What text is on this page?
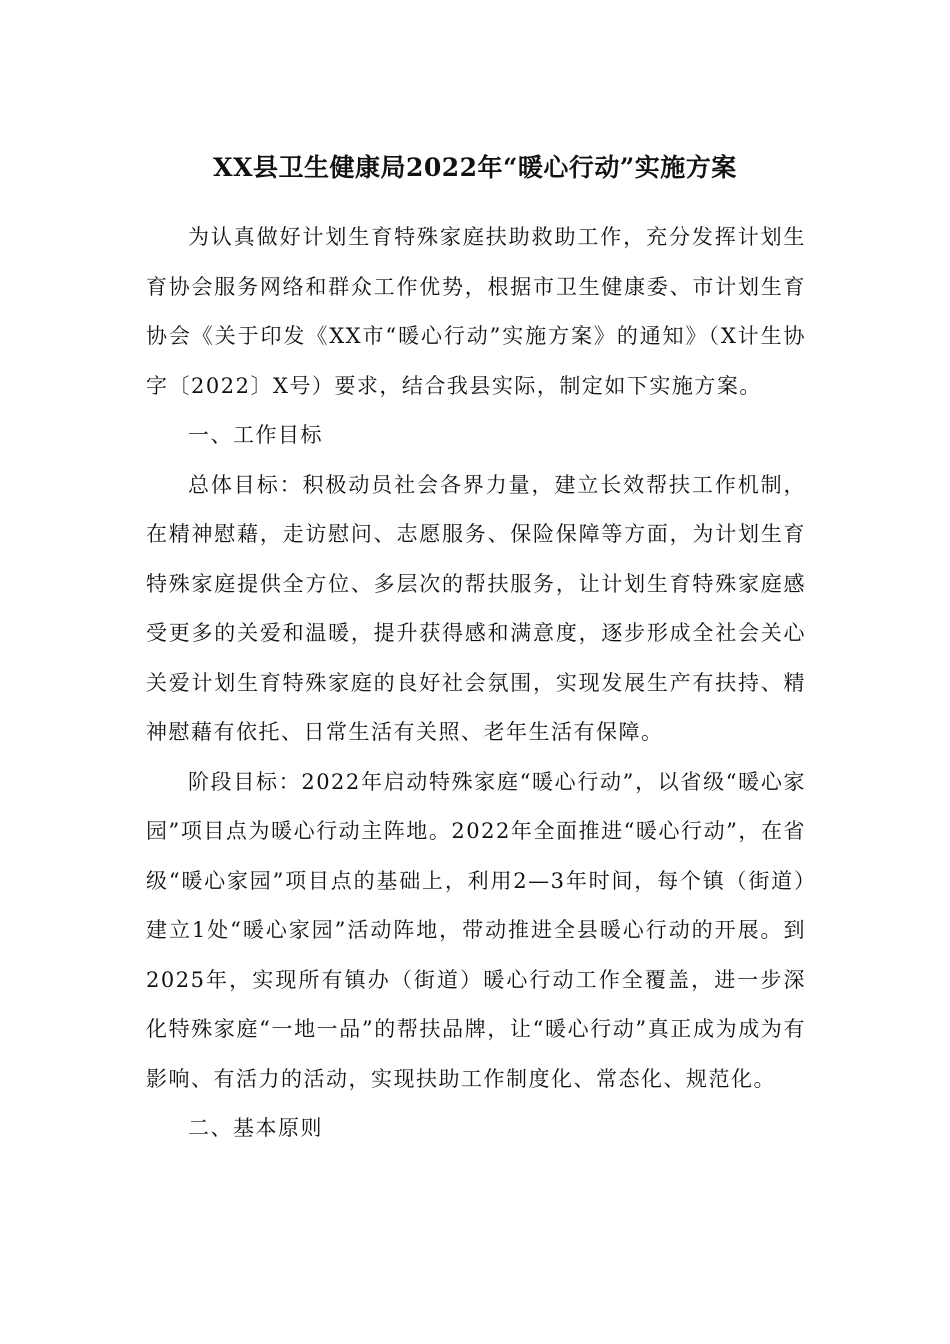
XX县卫生健康局2022年“暖心行动”实施方案

为认真做好计划生育特殊家庭扶助救助工作，充分发挥计划生育协会服务网络和群众工作优势，根据市卫生健康委、市计划生育协会《关于印发《XX市“暖心行动”实施方案》的通知》（X计生协字〔2022〕X号）要求，结合我县实际，制定如下实施方案。

一、工作目标

总体目标：积极动员社会各界力量，建立长效帮扶工作机制，在精神慰藉，走访慰问、志愿服务、保险保障等方面，为计划生育特殊家庭提供全方位、多层次的帮扶服务，让计划生育特殊家庭感受更多的关爱和温暖，提升获得感和满意度，逐步形成全社会关心关爱计划生育特殊家庭的良好社会氛围，实现发展生产有扶持、精神慰藉有依托、日常生活有关照、老年生活有保障。

阶段目标：2022年启动特殊家庭“暖心行动”，以省级“暖心家园”项目点为暖心行动主阵地。2022年全面推进“暖心行动”，在省级“暖心家园”项目点的基础上，利用2—3年时间，每个镇（街道）建立1处“暖心家园”活动阵地，带动推进全县暖心行动的开展。到2025年，实现所有镇办（街道）暖心行动工作全覆盖，进一步深化特殊家庭“一地一品”的帮扶品牌，让“暖心行动”真正成为成为有影响、有活力的活动，实现扶助工作制度化、常态化、规范化。

二、基本原则
